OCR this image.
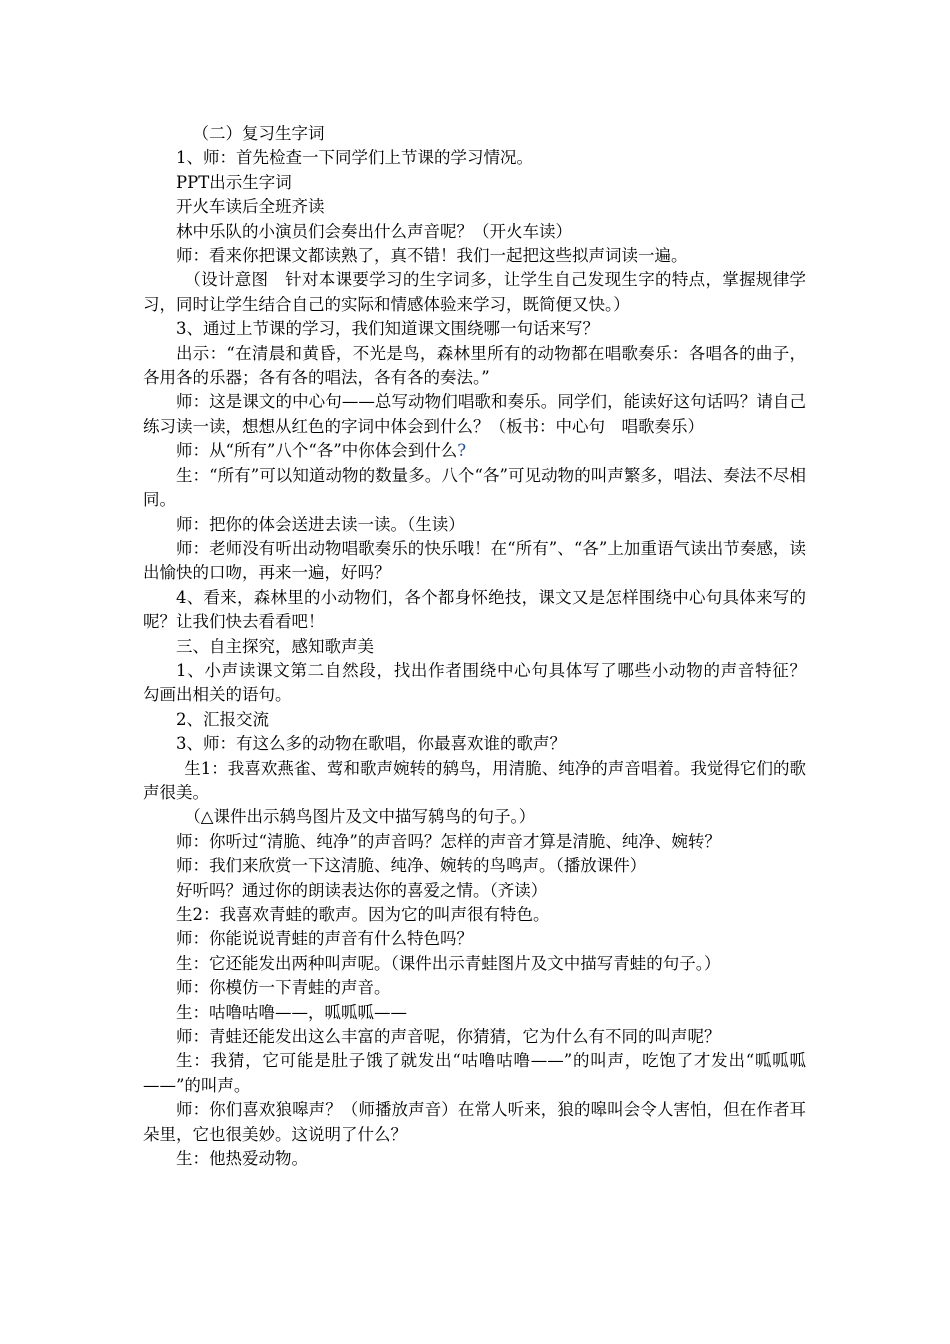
（二）复习生字词

1、师：首先检查一下同学们上节课的学习情况。

PPT出示生字词

开火车读后全班齐读

林中乐队的小演员们会奏出什么声音呢？（开火车读）

师：看来你把课文都读熟了，真不错！我们一起把这些拟声词读一遍。

（设计意图　针对本课要学习的生字词多，让学生自己发现生字的特点，掌握规律学习，同时让学生结合自己的实际和情感体验来学习，既简便又快。）

3、通过上节课的学习，我们知道课文围绕哪一句话来写？

出示：“在清晨和黄昏，不光是鸟，森林里所有的动物都在唱歌奏乐：各唱各的曲子，各用各的乐器；各有各的唱法，各有各的奏法。”

师：这是课文的中心句——总写动物们唱歌和奏乐。同学们，能读好这句话吗？请自己练习读一读，想想从红色的字词中体会到什么？（板书：中心句　唱歌奏乐）

师：从“所有”八个“各”中你体会到什么?

生：“所有”可以知道动物的数量多。八个“各”可见动物的叫声繁多，唱法、奏法不尽相同。

师：把你的体会送进去读一读。（生读）

师：老师没有听出动物唱歌奏乐的快乐哦！在“所有”、“各”上加重语气读出节奏感，读出愉快的口吻，再来一遍，好吗？

4、看来，森林里的小动物们，各个都身怀绝技，课文又是怎样围绕中心句具体来写的呢？让我们快去看看吧！

三、自主探究，感知歌声美

1、小声读课文第二自然段，找出作者围绕中心句具体写了哪些小动物的声音特征？　勾画出相关的语句。

2、汇报交流

3、师：有这么多的动物在歌唱，你最喜欢谁的歌声？

生1：我喜欢燕雀、莺和歌声婉转的鸫鸟，用清脆、纯净的声音唱着。我觉得它们的歌声很美。

（△课件出示鸫鸟图片及文中描写鸫鸟的句子。）

师：你听过“清脆、纯净”的声音吗？怎样的声音才算是清脆、纯净、婉转？

师：我们来欣赏一下这清脆、纯净、婉转的鸟鸣声。（播放课件）

好听吗？通过你的朗读表达你的喜爱之情。（齐读）

生2：我喜欢青蛙的歌声。因为它的叫声很有特色。

师：你能说说青蛙的声音有什么特色吗？

生：它还能发出两种叫声呢。（课件出示青蛙图片及文中描写青蛙的句子。）

师：你模仿一下青蛙的声音。

生：咕噜咕噜——，呱呱呱——

师：青蛙还能发出这么丰富的声音呢，你猜猜，它为什么有不同的叫声呢？

生：我猜，它可能是肚子饿了就发出“咕噜咕噜——”的叫声，吃饱了才发出“呱呱呱——”的叫声。

师：你们喜欢狼嗥声？（师播放声音）在常人听来，狼的嗥叫会令人害怕，但在作者耳朵里，它也很美妙。这说明了什么？

生：他热爱动物。
